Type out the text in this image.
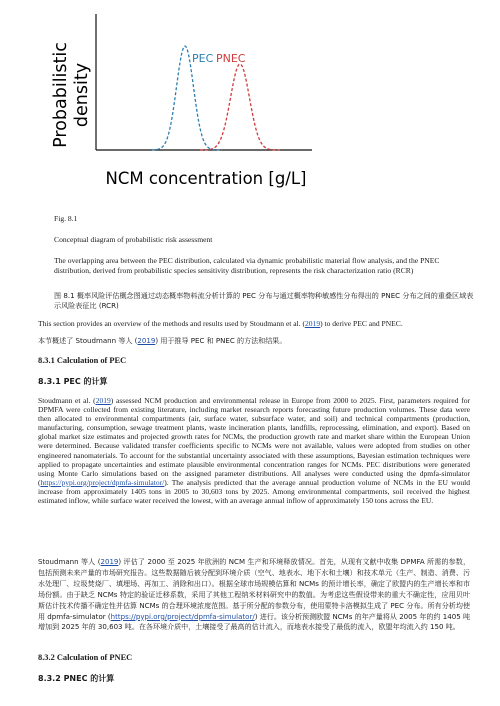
PEC PNEC
Probabilistic density
NCM concentration [g/L]
Fig. 8.1
Conceptual diagram of probabilistic risk assessment
The overlapping area between the PEC distribution, calculated via dynamic probabilistic material flow analysis, and the PNEC distribution, derived from probabilistic species sensitivity distribution, represents the risk characterization ratio (RCR)
图 8.1 概率风险评估概念图通过动态概率物料流分析计算的 PEC 分布与通过概率物种敏感性分布得出的 PNEC 分布之间的重叠区域表示风险表征比 (RCR)
This section provides an overview of the methods and results used by Stoudmann et al. (2019) to derive PEC and PNEC.
本节概述了 Stoudmann 等人 (2019) 用于推导 PEC 和 PNEC 的方法和结果。
8.3.1 Calculation of PEC
8.3.1 PEC 的计算
Stoudmann et al. (2019) assessed NCM production and environmental release in Europe from 2000 to 2025. First, parameters required for DPMFA were collected from existing literature, including market research reports forecasting future production volumes. These data were then allocated to environmental compartments (air, surface water, subsurface water, and soil) and technical compartments (production, manufacturing, consumption, sewage treatment plants, waste incineration plants, landfills, reprocessing, elimination, and export). Based on global market size estimates and projected growth rates for NCMs, the production growth rate and market share within the European Union were determined. Because validated transfer coefficients specific to NCMs were not available, values were adopted from studies on other engineered nanomaterials. To account for the substantial uncertainty associated with these assumptions, Bayesian estimation techniques were applied to propagate uncertainties and estimate plausible environmental concentration ranges for NCMs. PEC distributions were generated using Monte Carlo simulations based on the assigned parameter distributions. All analyses were conducted using the dpmfa-simulator (https://pypi.org/project/dpmfa-simulator/). The analysis predicted that the average annual production volume of NCMs in the EU would increase from approximately 1405 tons in 2005 to 30,603 tons by 2025. Among environmental compartments, soil received the highest estimated inflow, while surface water received the lowest, with an average annual inflow of approximately 150 tons across the EU.
Stoudmann 等人 (2019) 评估了 2000 至 2025 年欧洲的 NCM 生产和环境释放情况。首先，从现有文献中收集 DPMFA 所需的参数，包括预测未来产量的市场研究报告。这些数据随后被分配到环境介质（空气、地表水、地下水和土壤）和技术单元（生产、制造、消费、污水处理厂、垃圾焚烧厂、填埋场、再加工、消除和出口）。根据全球市场规模估算和 NCMs 的预计增长率，确定了欧盟内的生产增长率和市场份额。由于缺乏 NCMs 特定的验证迁移系数，采用了其他工程纳米材料研究中的数值。为考虑这些假设带来的重大不确定性，应用贝叶斯估计技术传播不确定性并估算 NCMs 的合理环境浓度范围。基于所分配的参数分布，使用蒙特卡洛模拟生成了 PEC 分布。所有分析均使用 dpmfa-simulator (https://pypi.org/project/dpmfa-simulator/) 进行。该分析预测欧盟 NCMs 的年产量将从 2005 年的约 1405 吨增加到 2025 年的 30,603 吨。在各环境介质中，土壤接受了最高的估计流入，而地表水接受了最低的流入，欧盟年均流入约 150 吨。
8.3.2 Calculation of PNEC
8.3.2 PNEC 的计算
